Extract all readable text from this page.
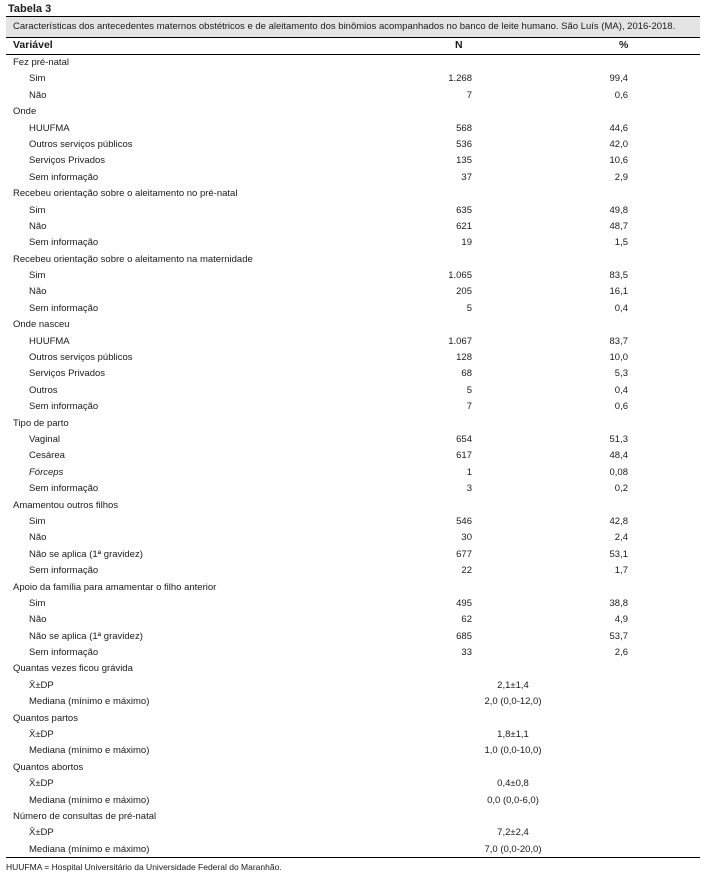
Tabela 3
Características dos antecedentes maternos obstétricos e de aleitamento dos binômios acompanhados no banco de leite humano. São Luís (MA), 2016-2018.
Variável	N	%
Fez pré-natal
Sim	1.268	99,4
Não	7	0,6
Onde
HUUFMA	568	44,6
Outros serviços públicos	536	42,0
Serviços Privados	135	10,6
Sem informação	37	2,9
Recebeu orientação sobre o aleitamento no pré-natal
Sim	635	49,8
Não	621	48,7
Sem informação	19	1,5
Recebeu orientação sobre o aleitamento na maternidade
Sim	1.065	83,5
Não	205	16,1
Sem informação	5	0,4
Onde nasceu
HUUFMA	1.067	83,7
Outros serviços públicos	128	10,0
Serviços Privados	68	5,3
Outros	5	0,4
Sem informação	7	0,6
Tipo de parto
Vaginal	654	51,3
Cesárea	617	48,4
Fórceps	1	0,08
Sem informação	3	0,2
Amamentou outros filhos
Sim	546	42,8
Não	30	2,4
Não se aplica (1ª gravidez)	677	53,1
Sem informação	22	1,7
Apoio da família para amamentar o filho anterior
Sim	495	38,8
Não	62	4,9
Não se aplica (1ª gravidez)	685	53,7
Sem informação	33	2,6
Quantas vezes ficou grávida
X̄±DP	2,1±1,4
Mediana (mínimo e máximo)	2,0 (0,0-12,0)
Quantos partos
X̄±DP	1,8±1,1
Mediana (mínimo e máximo)	1,0 (0,0-10,0)
Quantos abortos
X̄±DP	0,4±0,8
Mediana (mínimo e máximo)	0,0 (0,0-6,0)
Número de consultas de pré-natal
X̄±DP	7,2±2,4
Mediana (mínimo e máximo)	7,0 (0,0-20,0)
HUUFMA = Hospital Universitário da Universidade Federal do Maranhão.
